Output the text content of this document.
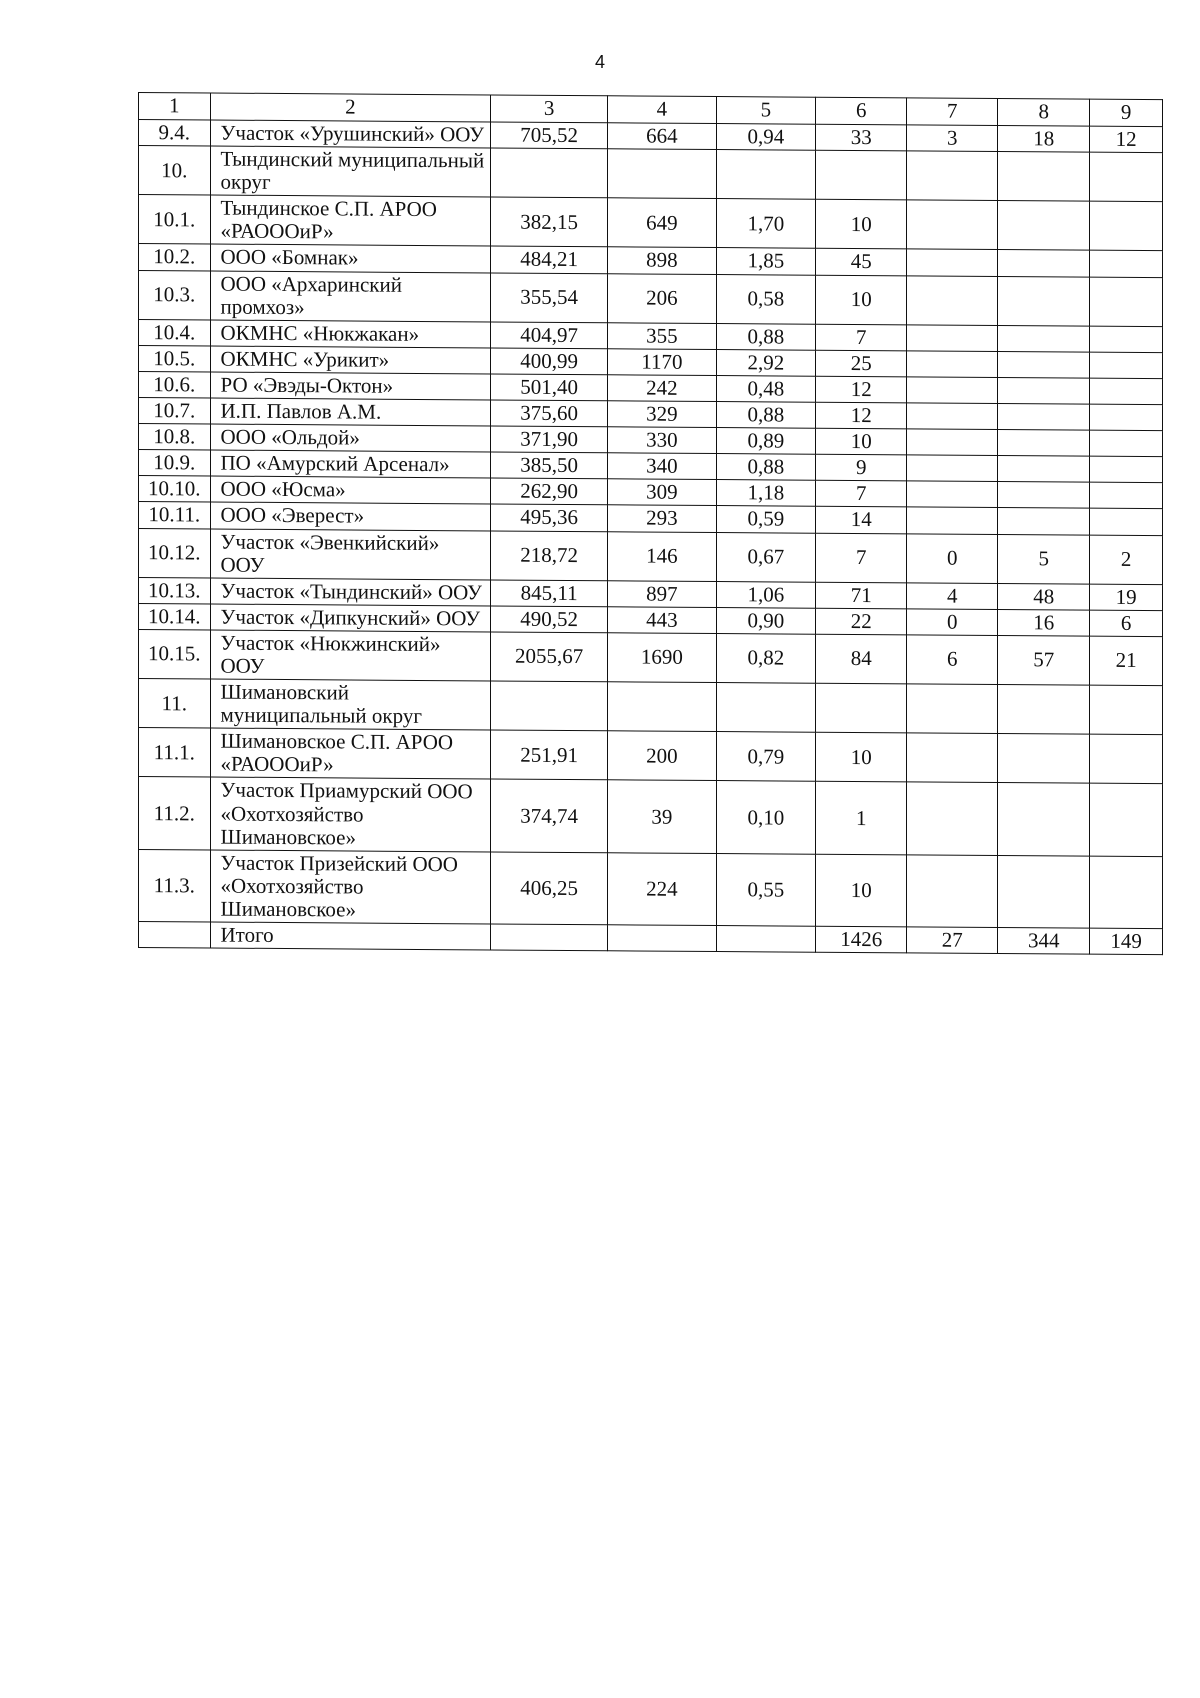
4
1	2	3	4	5	6	7	8	9
9.4.	Участок «Урушинский» ООУ	705,52	664	0,94	33	3	18	12
10.	Тындинский муниципальный округ							
10.1.	Тындинское С.П. АРОО «РАОООиР»	382,15	649	1,70	10			
10.2.	ООО «Бомнак»	484,21	898	1,85	45			
10.3.	ООО «Архаринский промхоз»	355,54	206	0,58	10			
10.4.	ОКМНС «Нюкжакан»	404,97	355	0,88	7			
10.5.	ОКМНС «Урикит»	400,99	1170	2,92	25			
10.6.	РО «Эвэды-Октон»	501,40	242	0,48	12			
10.7.	И.П. Павлов А.М.	375,60	329	0,88	12			
10.8.	ООО «Ольдой»	371,90	330	0,89	10			
10.9.	ПО «Амурский Арсенал»	385,50	340	0,88	9			
10.10.	ООО «Юсма»	262,90	309	1,18	7			
10.11.	ООО «Эверест»	495,36	293	0,59	14			
10.12.	Участок «Эвенкийский» ООУ	218,72	146	0,67	7	0	5	2
10.13.	Участок «Тындинский» ООУ	845,11	897	1,06	71	4	48	19
10.14.	Участок «Дипкунский» ООУ	490,52	443	0,90	22	0	16	6
10.15.	Участок «Нюкжинский» ООУ	2055,67	1690	0,82	84	6	57	21
11.	Шимановский муниципальный округ							
11.1.	Шимановское С.П. АРОО «РАОООиР»	251,91	200	0,79	10			
11.2.	Участок Приамурский ООО «Охотхозяйство Шимановское»	374,74	39	0,10	1			
11.3.	Участок Призейский ООО «Охотхозяйство Шимановское»	406,25	224	0,55	10			
	Итого				1426	27	344	149
